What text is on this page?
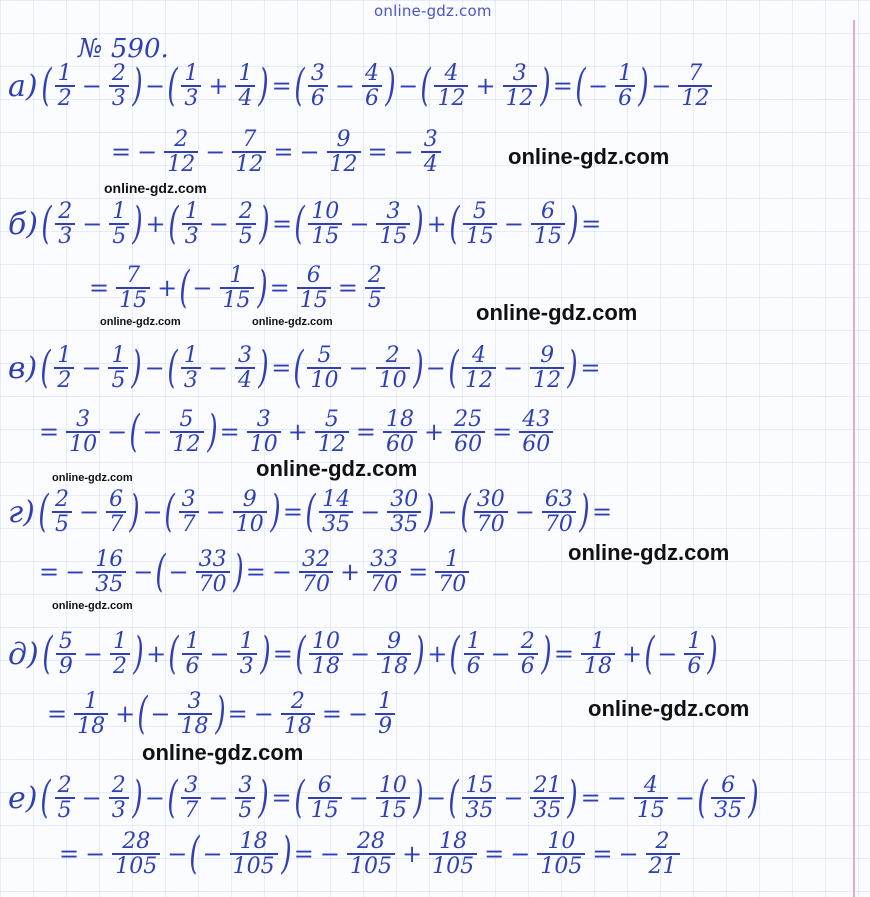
online-gdz.com
№ 590.
а) ( $\frac{1}{2} - \frac{2}{3}$ ) − ( $\frac{1}{3} + \frac{1}{4}$ ) = ( $\frac{3}{6} - \frac{4}{6}$ ) − ( $\frac{4}{12} + \frac{3}{12}$ ) = ( − $\frac{1}{6}$ ) − $\frac{7}{12}$
= − $\frac{2}{12} - \frac{7}{12}$ = − $\frac{9}{12}$ = − $\frac{3}{4}$
б) ( $\frac{2}{3} - \frac{1}{5}$ ) + ( $\frac{1}{3} - \frac{2}{5}$ ) = ( $\frac{10}{15} - \frac{3}{15}$ ) + ( $\frac{5}{15} - \frac{6}{15}$ ) =
= $\frac{7}{15}$ + ( − $\frac{1}{15}$ ) = $\frac{6}{15} = \frac{2}{5}$
в) ( $\frac{1}{2} - \frac{1}{5}$ ) − ( $\frac{1}{3} - \frac{3}{4}$ ) = ( $\frac{5}{10} - \frac{2}{10}$ ) − ( $\frac{4}{12} - \frac{9}{12}$ ) =
= $\frac{3}{10}$ − ( − $\frac{5}{12}$ ) = $\frac{3}{10} + \frac{5}{12} = \frac{18}{60} + \frac{25}{60} = \frac{43}{60}$
г) ( $\frac{2}{5} - \frac{6}{7}$ ) − ( $\frac{3}{7} - \frac{9}{10}$ ) = ( $\frac{14}{35} - \frac{30}{35}$ ) − ( $\frac{30}{70} - \frac{63}{70}$ ) =
= − $\frac{16}{35}$ − ( − $\frac{33}{70}$ ) = − $\frac{32}{70} + \frac{33}{70} = \frac{1}{70}$
д) ( $\frac{5}{9} - \frac{1}{2}$ ) + ( $\frac{1}{6} - \frac{1}{3}$ ) = ( $\frac{10}{18} - \frac{9}{18}$ ) + ( $\frac{1}{6} - \frac{2}{6}$ ) = $\frac{1}{18}$ + ( − $\frac{1}{6}$ )
= $\frac{1}{18}$ + ( − $\frac{3}{18}$ ) = − $\frac{2}{18}$ = − $\frac{1}{9}$
е) ( $\frac{2}{5} - \frac{2}{3}$ ) − ( $\frac{3}{7} - \frac{3}{5}$ ) = ( $\frac{6}{15} - \frac{10}{15}$ ) − ( $\frac{15}{35} - \frac{21}{35}$ ) = − $\frac{4}{15}$ − ( $\frac{6}{35}$ )
= − $\frac{28}{105}$ − ( − $\frac{18}{105}$ ) = − $\frac{28}{105} + \frac{18}{105}$ = − $\frac{10}{105}$ = − $\frac{2}{21}$
online-gdz.com
online-gdz.com
online-gdz.com
online-gdz.com	online-gdz.com
online-gdz.com
online-gdz.com
online-gdz.com
online-gdz.com
online-gdz.com
online-gdz.com
